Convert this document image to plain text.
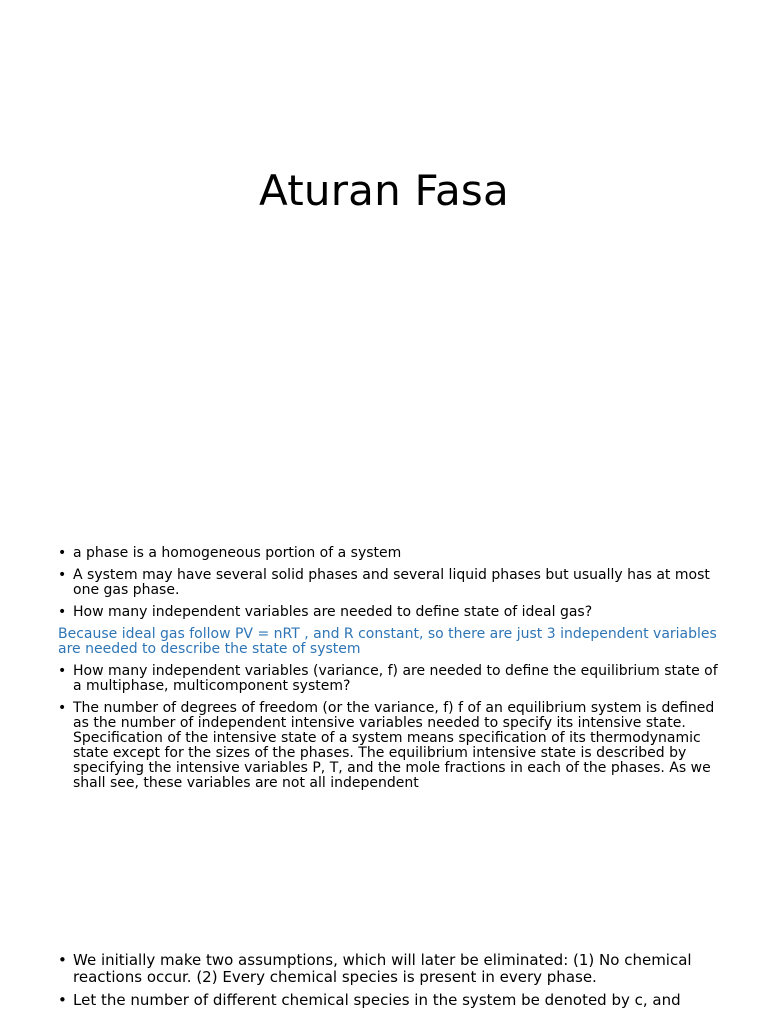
Aturan Fasa
• a phase is a homogeneous portion of a system
• A system may have several solid phases and several liquid phases but usually has at most one gas phase.
• How many independent variables are needed to define state of ideal gas?
Because ideal gas follow PV = nRT , and R constant, so there are just 3 independent variables are needed to describe the state of system
• How many independent variables (variance, f) are needed to define the equilibrium state of a multiphase, multicomponent system?
• The number of degrees of freedom (or the variance, f) f of an equilibrium system is defined as the number of independent intensive variables needed to specify its intensive state. Specification of the intensive state of a system means specification of its thermodynamic state except for the sizes of the phases. The equilibrium intensive state is described by specifying the intensive variables P, T, and the mole fractions in each of the phases. As we shall see, these variables are not all independent
• We initially make two assumptions, which will later be eliminated: (1) No chemical reactions occur. (2) Every chemical species is present in every phase.
• Let the number of different chemical species in the system be denoted by c, and
